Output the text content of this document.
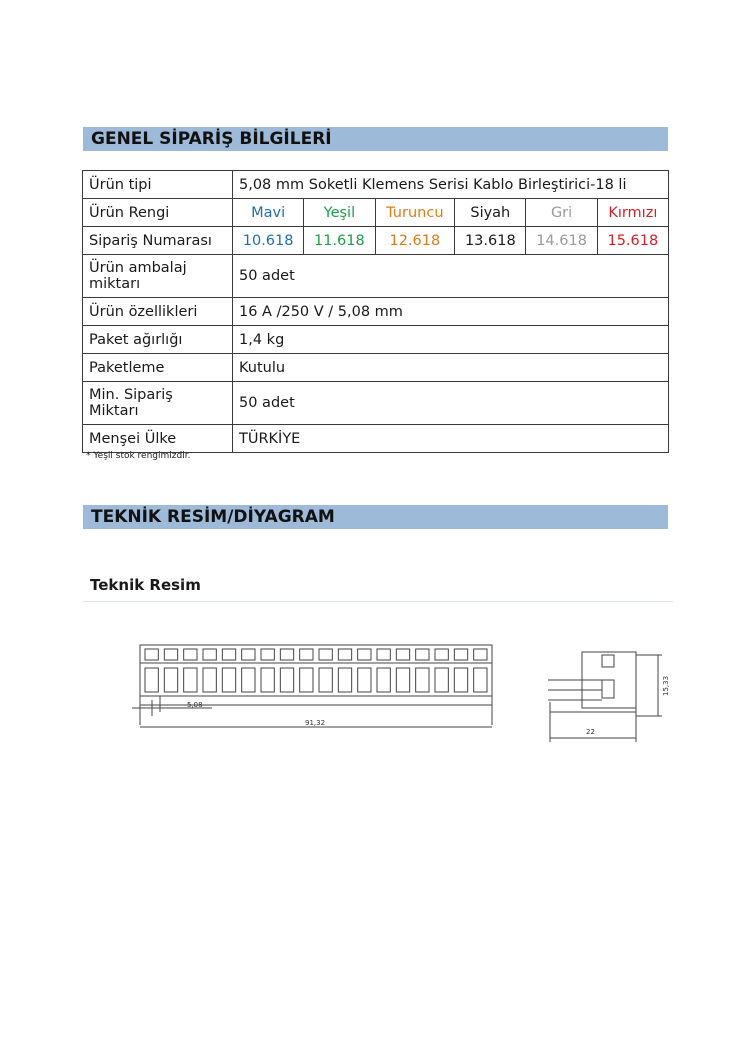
GENEL SİPARİŞ BİLGİLERİ
Ürün tipi	5,08 mm Soketli Klemens Serisi Kablo Birleştirici-18 li					
Ürün Rengi	Mavi	Yeşil	Turuncu	Siyah	Gri	Kırmızı
Sipariş Numarası	10.618	11.618	12.618	13.618	14.618	15.618
Ürün ambalaj miktarı	50 adet					
Ürün özellikleri	16 A /250 V / 5,08 mm					
Paket ağırlığı	1,4 kg					
Paketleme	Kutulu					
Min. Sipariş Miktarı	50 adet					
Menşei Ülke	TÜRKİYE					
* Yeşil stok rengimizdir.
TEKNİK RESİM/DİYAGRAM
Teknik Resim
5,08
91,32
15,33
22
